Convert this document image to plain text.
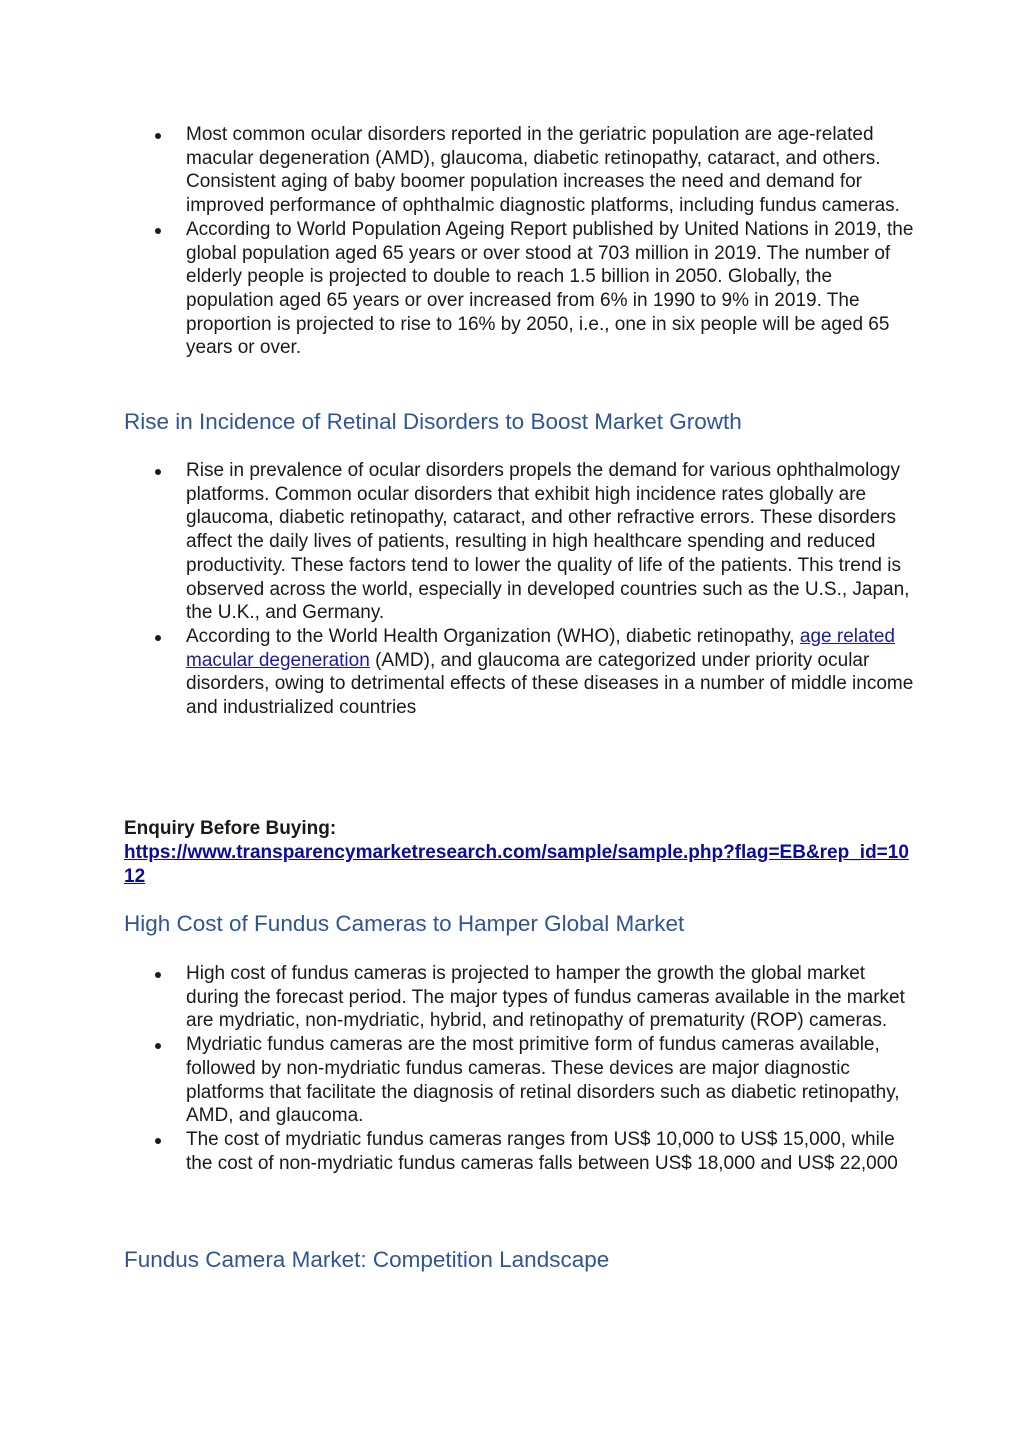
Most common ocular disorders reported in the geriatric population are age-related macular degeneration (AMD), glaucoma, diabetic retinopathy, cataract, and others. Consistent aging of baby boomer population increases the need and demand for improved performance of ophthalmic diagnostic platforms, including fundus cameras.
According to World Population Ageing Report published by United Nations in 2019, the global population aged 65 years or over stood at 703 million in 2019. The number of elderly people is projected to double to reach 1.5 billion in 2050. Globally, the population aged 65 years or over increased from 6% in 1990 to 9% in 2019. The proportion is projected to rise to 16% by 2050, i.e., one in six people will be aged 65 years or over.
Rise in Incidence of Retinal Disorders to Boost Market Growth
Rise in prevalence of ocular disorders propels the demand for various ophthalmology platforms. Common ocular disorders that exhibit high incidence rates globally are glaucoma, diabetic retinopathy, cataract, and other refractive errors. These disorders affect the daily lives of patients, resulting in high healthcare spending and reduced productivity. These factors tend to lower the quality of life of the patients. This trend is observed across the world, especially in developed countries such as the U.S., Japan, the U.K., and Germany.
According to the World Health Organization (WHO), diabetic retinopathy, age related macular degeneration (AMD), and glaucoma are categorized under priority ocular disorders, owing to detrimental effects of these diseases in a number of middle income and industrialized countries
Enquiry Before Buying:
https://www.transparencymarketresearch.com/sample/sample.php?flag=EB&rep_id=1012
High Cost of Fundus Cameras to Hamper Global Market
High cost of fundus cameras is projected to hamper the growth the global market during the forecast period. The major types of fundus cameras available in the market are mydriatic, non-mydriatic, hybrid, and retinopathy of prematurity (ROP) cameras.
Mydriatic fundus cameras are the most primitive form of fundus cameras available, followed by non-mydriatic fundus cameras. These devices are major diagnostic platforms that facilitate the diagnosis of retinal disorders such as diabetic retinopathy, AMD, and glaucoma.
The cost of mydriatic fundus cameras ranges from US$ 10,000 to US$ 15,000, while the cost of non-mydriatic fundus cameras falls between US$ 18,000 and US$ 22,000
Fundus Camera Market: Competition Landscape
